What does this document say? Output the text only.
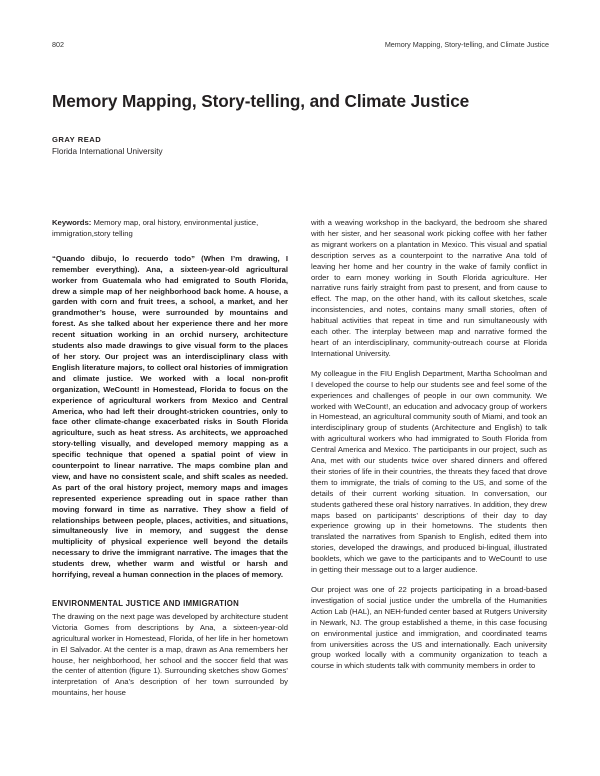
802	Memory Mapping, Story-telling, and Climate Justice
Memory Mapping, Story-telling, and Climate Justice

GRAY READ

Florida International University

Keywords: Memory map, oral history, environmental justice, immigration,story telling

“Quando dibujo, lo recuerdo todo” (When I’m drawing, I remember everything). Ana, a sixteen-year-old agricultural worker from Guatemala who had emigrated to South Florida, drew a simple map of her neighborhood back home. A house, a garden with corn and fruit trees, a school, a market, and her grandmother’s house, were surrounded by mountains and forest. As she talked about her experience there and her more recent situation working in an orchid nursery, architecture students also made drawings to give visual form to the places of her story. Our project was an interdisciplinary class with English literature majors, to collect oral histories of immigration and climate justice. We worked with a local non-profit organization, WeCount! in Homestead, Florida to focus on the experience of agricultural workers from Mexico and Central America, who had left their drought-stricken countries, only to face other climate-change exacerbated risks in South Florida agriculture, such as heat stress. As architects, we approached story-telling visually, and developed memory mapping as a specific technique that opened a spatial point of view in counterpoint to linear narrative. The maps combine plan and view, and have no consistent scale, and shift scales as needed. As part of the oral history project, memory maps and images represented experience spreading out in space rather than moving forward in time as narrative. They show a field of relationships between people, places, activities, and situations, simultaneously live in memory, and suggest the dense multiplicity of physical experience well beyond the details necessary to drive the immigrant narrative. The images that the students drew, whether warm and wistful or harsh and horrifying, reveal a human connection in the places of memory.

ENVIRONMENTAL JUSTICE AND IMMIGRATION

The drawing on the next page was developed by architecture student Victoria Gomes from descriptions by Ana, a sixteen-year-old agricultural worker in Homestead, Florida, of her life in her hometown in El Salvador. At the center is a map, drawn as Ana remembers her house, her neighborhood, her school and the soccer field that was the center of attention (figure 1). Surrounding sketches show Gomes’ interpretation of Ana’s description of her town surrounded by mountains, her house

with a weaving workshop in the backyard, the bedroom she shared with her sister, and her seasonal work picking coffee with her father as migrant workers on a plantation in Mexico. This visual and spatial description serves as a counterpoint to the narrative Ana told of leaving her home and her country in the wake of family conflict in order to earn money working in South Florida agriculture. Her narrative runs fairly straight from past to present, and from cause to effect. The map, on the other hand, with its callout sketches, scale inconsistencies, and notes, contains many small stories, often of habitual activities that repeat in time and run simultaneously with each other. The interplay between map and narrative formed the heart of an interdisciplinary, community-outreach course at Florida International University.

My colleague in the FIU English Department, Martha Schoolman and I developed the course to help our students see and feel some of the experiences and challenges of people in our own community. We worked with WeCount!, an education and advocacy group of workers in Homestead, an agricultural community south of Miami, and took an interdisciplinary group of students (Architecture and English) to talk with agricultural workers who had immigrated to South Florida from Central America and Mexico. The participants in our project, such as Ana, met with our students twice over shared dinners and offered their stories of life in their countries, the threats they faced that drove them to immigrate, the trials of coming to the US, and some of the details of their current working situation. In conversation, our students gathered these oral history narratives. In addition, they drew maps based on participants’ descriptions of their day to day experience growing up in their hometowns. The students then translated the narratives from Spanish to English, edited them into stories, developed the drawings, and produced bi-lingual, illustrated booklets, which we gave to the participants and to WeCount! to use in getting their message out to a larger audience.

Our project was one of 22 projects participating in a broad-based investigation of social justice under the umbrella of the Humanities Action Lab (HAL), an NEH-funded center based at Rutgers University in Newark, NJ. The group established a theme, in this case focusing on environmental justice and immigration, and coordinated teams from universities across the US and internationally. Each university group worked locally with a community organization to teach a course in which students talk with community members in order to
